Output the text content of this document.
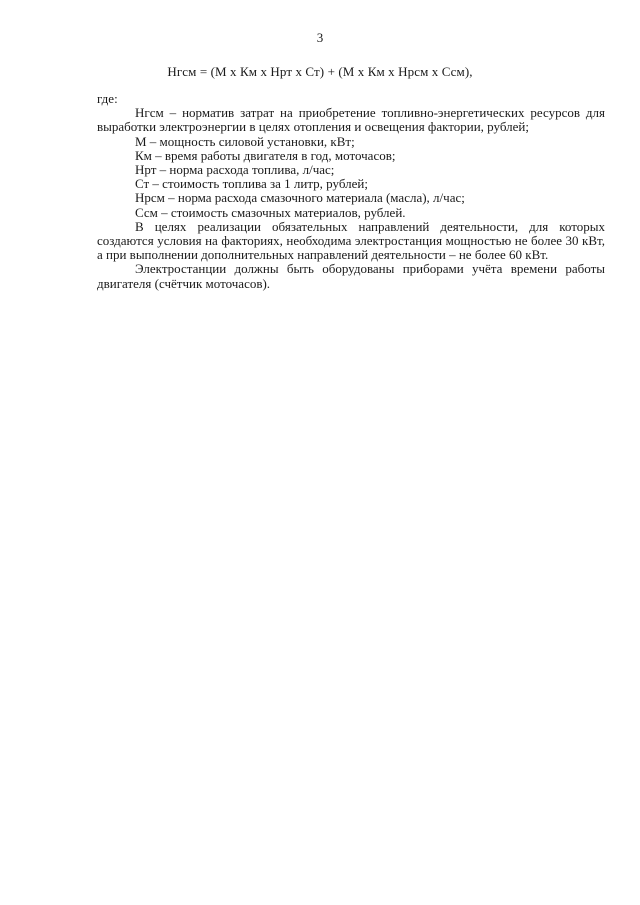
3
Нгсм = (М x Км x Нрт x Ст) + (М x Км x Нрсм x Ссм),

где:

Нгсм – норматив затрат на приобретение топливно-энергетических ресурсов для выработки электроэнергии в целях отопления и освещения фактории, рублей;

М – мощность силовой установки, кВт;

Км – время работы двигателя в год, моточасов;

Нрт – норма расхода топлива, л/час;

Ст – стоимость топлива за 1 литр, рублей;

Нрсм – норма расхода смазочного материала (масла), л/час;

Ссм – стоимость смазочных материалов, рублей.

В целях реализации обязательных направлений деятельности, для которых создаются условия на факториях, необходима электростанция мощностью не более 30 кВт, а при выполнении дополнительных направлений деятельности – не более 60 кВт.

Электростанции должны быть оборудованы приборами учёта времени работы двигателя (счётчик моточасов).
